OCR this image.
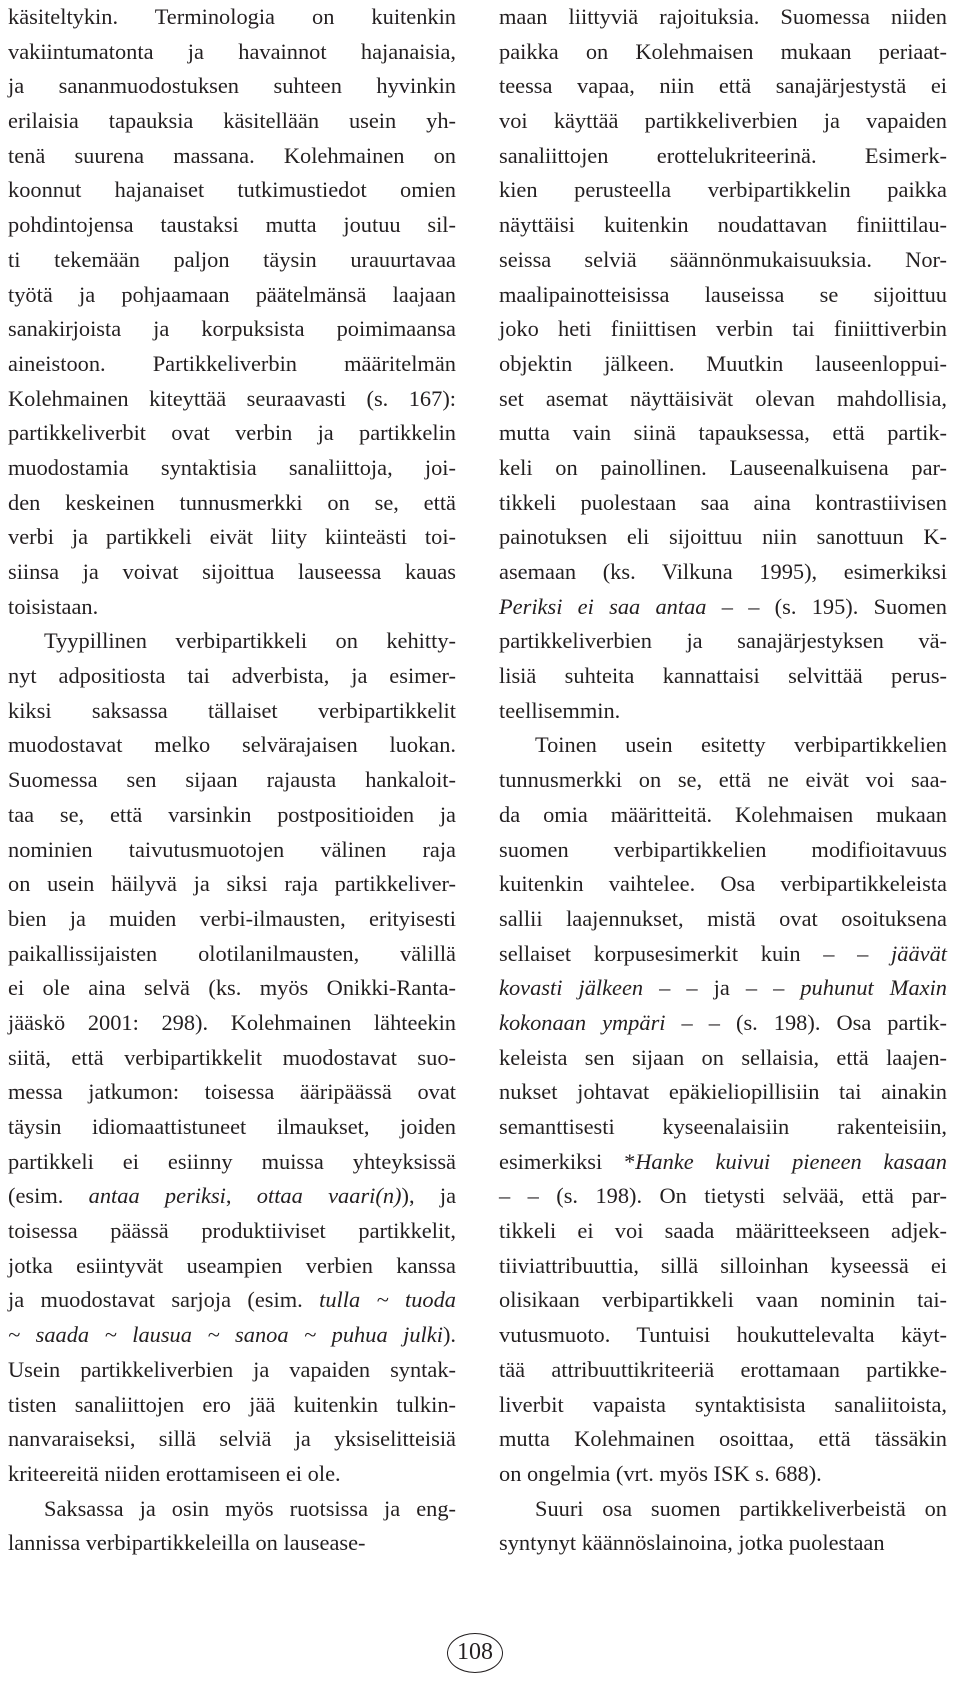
käsiteltykin. Terminologia on kuitenkin
vakiintumatonta ja havainnot hajanaisia,
ja sananmuodostuksen suhteen hyvinkin
erilaisia tapauksia käsitellään usein yh-
tenä suurena massana. Kolehmainen on
koonnut hajanaiset tutkimustiedot omien
pohdintojensa taustaksi mutta joutuu sil-
ti tekemään paljon täysin urauurtavaa
työtä ja pohjaamaan päätelmänsä laajaan
sanakirjoista ja korpuksista poimimaansa
aineistoon. Partikkeliverbin määritelmän
Kolehmainen kiteyttää seuraavasti (s. 167):
partikkeliverbit ovat verbin ja partikkelin
muodostamia syntaktisia sanaliittoja, joi-
den keskeinen tunnusmerkki on se, että
verbi ja partikkeli eivät liity kiinteästi toi-
siinsa ja voivat sijoittua lauseessa kauas
toisistaan.
Tyypillinen verbipartikkeli on kehitty-
nyt adpositiosta tai adverbista, ja esimer-
kiksi saksassa tällaiset verbipartikkelit
muodostavat melko selvärajaisen luokan.
Suomessa sen sijaan rajausta hankaloit-
taa se, että varsinkin postpositioiden ja
nominien taivutusmuotojen välinen raja
on usein häilyvä ja siksi raja partikkeliver-
bien ja muiden verbi-ilmausten, erityisesti
paikallissijaisten olotilanilmausten, välillä
ei ole aina selvä (ks. myös Onikki-Ranta-
jääskö 2001: 298). Kolehmainen lähteekin
siitä, että verbipartikkelit muodostavat suo-
messa jatkumon: toisessa ääripäässä ovat
täysin idiomaattistuneet ilmaukset, joiden
partikkeli ei esiinny muissa yhteyksissä
(esim. antaa periksi, ottaa vaari(n)), ja
toisessa päässä produktiiviset partikkelit,
jotka esiintyvät useampien verbien kanssa
ja muodostavat sarjoja (esim. tulla ~ tuoda
~ saada ~ lausua ~ sanoa ~ puhua julki).
Usein partikkeliverbien ja vapaiden syntak-
tisten sanaliittojen ero jää kuitenkin tulkin-
nanvaraiseksi, sillä selviä ja yksiselitteisiä
kriteereitä niiden erottamiseen ei ole.
Saksassa ja osin myös ruotsissa ja eng-
lannissa verbipartikkeleilla on lausease-
maan liittyviä rajoituksia. Suomessa niiden
paikka on Kolehmaisen mukaan periaat-
teessa vapaa, niin että sanajärjestystä ei
voi käyttää partikkeliverbien ja vapaiden
sanaliittojen erottelukriteerinä. Esimerk-
kien perusteella verbipartikkelin paikka
näyttäisi kuitenkin noudattavan finiittilau-
seissa selviä säännönmukaisuuksia. Nor-
maalipainotteisissa lauseissa se sijoittuu
joko heti finiittisen verbin tai finiittiverbin
objektin jälkeen. Muutkin lauseenloppui-
set asemat näyttäisivät olevan mahdollisia,
mutta vain siinä tapauksessa, että partik-
keli on painollinen. Lauseenalkuisena par-
tikkeli puolestaan saa aina kontrastiivisen
painotuksen eli sijoittuu niin sanottuun K-
asemaan (ks. Vilkuna 1995), esimerkiksi
Periksi ei saa antaa – – (s. 195). Suomen
partikkeliverbien ja sanajärjestyksen vä-
lisiä suhteita kannattaisi selvittää perus-
teellisemmin.
Toinen usein esitetty verbipartikkelien
tunnusmerkki on se, että ne eivät voi saa-
da omia määritteitä. Kolehmaisen mukaan
suomen verbipartikkelien modifioitavuus
kuitenkin vaihtelee. Osa verbipartikkeleista
sallii laajennukset, mistä ovat osoituksena
sellaiset korpusesimerkit kuin – – jäävät
kovasti jälkeen – – ja – – puhunut Maxin
kokonaan ympäri – – (s. 198). Osa partik-
keleista sen sijaan on sellaisia, että laajen-
nukset johtavat epäkieliopillisiin tai ainakin
semanttisesti kyseenalaisiin rakenteisiin,
esimerkiksi *Hanke kuivui pieneen kasaan
– – (s. 198). On tietysti selvää, että par-
tikkeli ei voi saada määritteekseen adjek-
tiiviattribuuttia, sillä silloinhan kyseessä ei
olisikaan verbipartikkeli vaan nominin tai-
vutusmuoto. Tuntuisi houkuttelevalta käyt-
tää attribuuttikriteeriä erottamaan partikke-
liverbit vapaista syntaktisista sanaliitoista,
mutta Kolehmainen osoittaa, että tässäkin
on ongelmia (vrt. myös ISK s. 688).
Suuri osa suomen partikkeliverbeistä on
syntynyt käännöslainoina, jotka puolestaan
108
